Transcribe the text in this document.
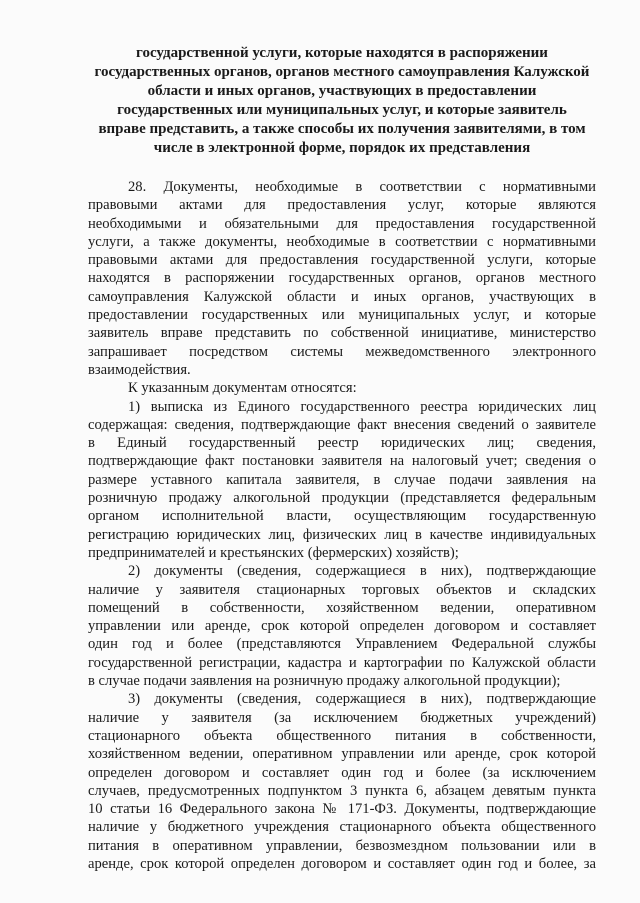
государственной услуги, которые находятся в распоряжении
государственных органов, органов местного самоуправления Калужской
области и иных органов, участвующих в предоставлении
государственных или муниципальных услуг, и которые заявитель
вправе представить, а также способы их получения заявителями, в том
числе в электронной форме, порядок их представления

28. Документы, необходимые в соответствии с нормативными
правовыми актами для предоставления услуг, которые являются
необходимыми и обязательными для предоставления государственной
услуги, а также документы, необходимые в соответствии с нормативными
правовыми актами для предоставления государственной услуги, которые
находятся в распоряжении государственных органов, органов местного
самоуправления Калужской области и иных органов, участвующих в
предоставлении государственных или муниципальных услуг, и которые
заявитель вправе представить по собственной инициативе, министерство
запрашивает посредством системы межведомственного электронного
взаимодействия.

К указанным документам относятся:

1) выписка из Единого государственного реестра юридических лиц
содержащая: сведения, подтверждающие факт внесения сведений о заявителе
в Единый государственный реестр юридических лиц; сведения,
подтверждающие факт постановки заявителя на налоговый учет; сведения о
размере уставного капитала заявителя, в случае подачи заявления на
розничную продажу алкогольной продукции (представляется федеральным
органом исполнительной власти, осуществляющим государственную
регистрацию юридических лиц, физических лиц в качестве индивидуальных
предпринимателей и крестьянских (фермерских) хозяйств);

2) документы (сведения, содержащиеся в них), подтверждающие
наличие у заявителя стационарных торговых объектов и складских
помещений в собственности, хозяйственном ведении, оперативном
управлении или аренде, срок которой определен договором и составляет
один год и более (представляются Управлением Федеральной службы
государственной регистрации, кадастра и картографии по Калужской области
в случае подачи заявления на розничную продажу алкогольной продукции);

3) документы (сведения, содержащиеся в них), подтверждающие
наличие у заявителя (за исключением бюджетных учреждений)
стационарного объекта общественного питания в собственности,
хозяйственном ведении, оперативном управлении или аренде, срок которой
определен договором и составляет один год и более (за исключением
случаев, предусмотренных подпунктом 3 пункта 6, абзацем девятым пункта
10 статьи 16 Федерального закона № 171-ФЗ. Документы, подтверждающие
наличие у бюджетного учреждения стационарного объекта общественного
питания в оперативном управлении, безвозмездном пользовании или в
аренде, срок которой определен договором и составляет один год и более, за
